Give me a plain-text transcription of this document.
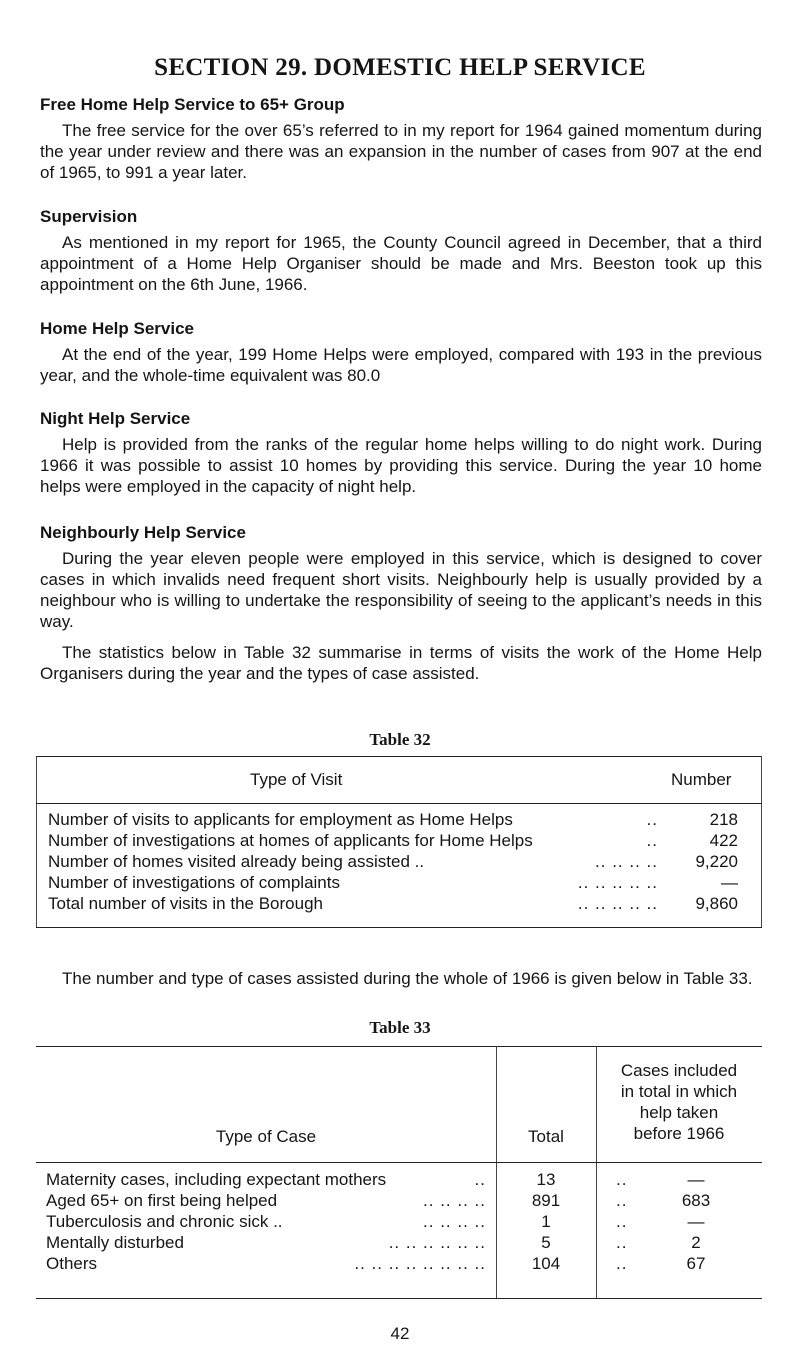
SECTION 29. DOMESTIC HELP SERVICE

Free Home Help Service to 65+ Group

The free service for the over 65’s referred to in my report for 1964 gained momentum during the year under review and there was an expansion in the number of cases from 907 at the end of 1965, to 991 a year later.

Supervision

As mentioned in my report for 1965, the County Council agreed in December, that a third appointment of a Home Help Organiser should be made and Mrs. Beeston took up this appointment on the 6th June, 1966.

Home Help Service

At the end of the year, 199 Home Helps were employed, compared with 193 in the previous year, and the whole-time equivalent was 80.0

Night Help Service

Help is provided from the ranks of the regular home helps willing to do night work. During 1966 it was possible to assist 10 homes by providing this service. During the year 10 home helps were employed in the capacity of night help.

Neighbourly Help Service

During the year eleven people were employed in this service, which is designed to cover cases in which invalids need frequent short visits. Neighbourly help is usually provided by a neighbour who is willing to undertake the responsibility of seeing to the applicant’s needs in this way.

The statistics below in Table 32 summarise in terms of visits the work of the Home Help Organisers during the year and the types of case assisted.

Table 32
Type of Visit	Number
Number of visits to applicants for employment as Home Helps	..	218
Number of investigations at homes of applicants for Home Helps	..	422
Number of homes visited already being assisted ..	.. .. .. .. 9,220
Number of investigations of complaints	.. .. .. .. ..	—
Total number of visits in the Borough	.. .. .. .. .. 9,860

The number and type of cases assisted during the whole of 1966 is given below in Table 33.

Table 33
Type of Case	Total
Cases included
in total in which
help taken
before 1966
Maternity cases, including expectant mothers	..	13	..	—
Aged 65+ on first being helped	.. .. .. ..	891	..	683
Tuberculosis and chronic sick ..	.. .. .. ..	1	..	—
Mentally disturbed	.. .. .. .. .. ..	5	..	2
Others	.. .. .. .. .. .. .. ..	104	..	67
42
